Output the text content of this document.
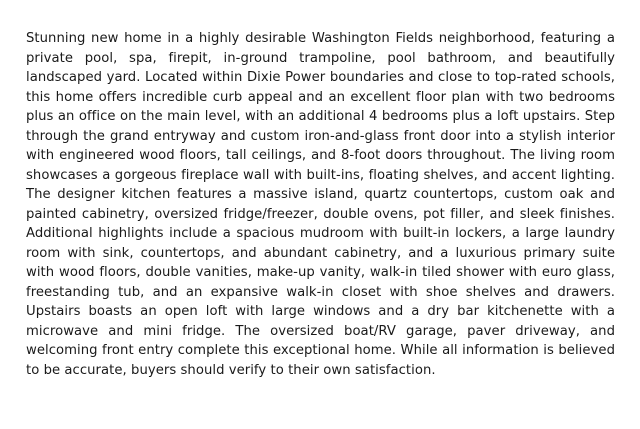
Stunning new home in a highly desirable Washington Fields neighborhood, featuring a private pool, spa, firepit, in-ground trampoline, pool bathroom, and beautifully landscaped yard. Located within Dixie Power boundaries and close to top-rated schools, this home offers incredible curb appeal and an excellent floor plan with two bedrooms plus an office on the main level, with an additional 4 bedrooms plus a loft upstairs. Step through the grand entryway and custom iron-and-glass front door into a stylish interior with engineered wood floors, tall ceilings, and 8-foot doors throughout. The living room showcases a gorgeous fireplace wall with built-ins, floating shelves, and accent lighting. The designer kitchen features a massive island, quartz countertops, custom oak and painted cabinetry, oversized fridge/freezer, double ovens, pot filler, and sleek finishes. Additional highlights include a spacious mudroom with built-in lockers, a large laundry room with sink, countertops, and abundant cabinetry, and a luxurious primary suite with wood floors, double vanities, make-up vanity, walk-in tiled shower with euro glass, freestanding tub, and an expansive walk-in closet with shoe shelves and drawers. Upstairs boasts an open loft with large windows and a dry bar kitchenette with a microwave and mini fridge. The oversized boat/RV garage, paver driveway, and welcoming front entry complete this exceptional home. While all information is believed to be accurate, buyers should verify to their own satisfaction.
